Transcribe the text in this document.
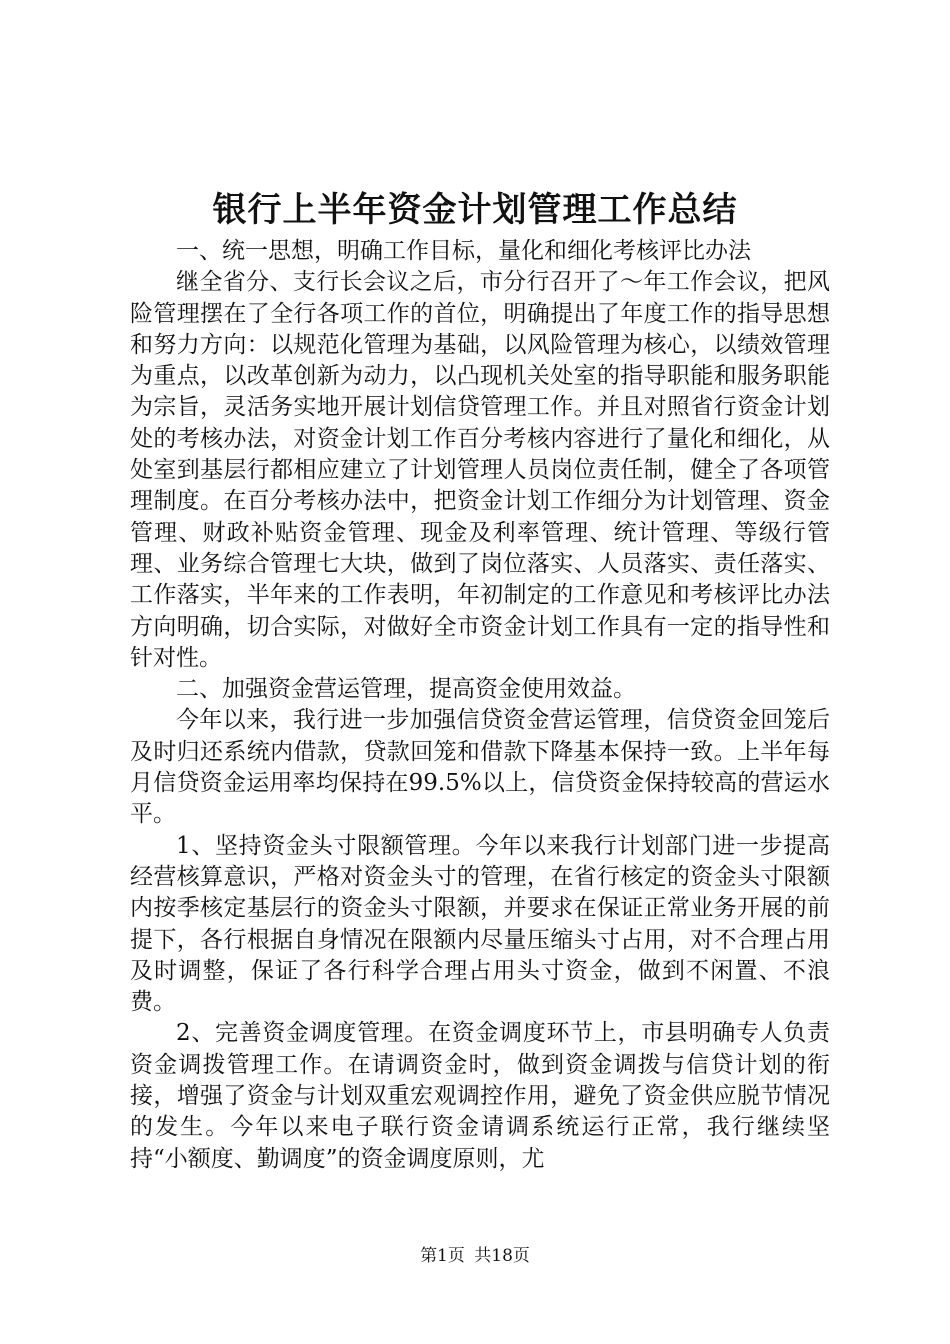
银行上半年资金计划管理工作总结

一、统一思想，明确工作目标，量化和细化考核评比办法

继全省分、支行长会议之后，市分行召开了～年工作会议，把风险管理摆在了全行各项工作的首位，明确提出了年度工作的指导思想和努力方向：以规范化管理为基础，以风险管理为核心，以绩效管理为重点，以改革创新为动力，以凸现机关处室的指导职能和服务职能为宗旨，灵活务实地开展计划信贷管理工作。并且对照省行资金计划处的考核办法，对资金计划工作百分考核内容进行了量化和细化，从处室到基层行都相应建立了计划管理人员岗位责任制，健全了各项管理制度。在百分考核办法中，把资金计划工作细分为计划管理、资金管理、财政补贴资金管理、现金及利率管理、统计管理、等级行管理、业务综合管理七大块，做到了岗位落实、人员落实、责任落实、工作落实，半年来的工作表明，年初制定的工作意见和考核评比办法方向明确，切合实际，对做好全市资金计划工作具有一定的指导性和针对性。

二、加强资金营运管理，提高资金使用效益。

今年以来，我行进一步加强信贷资金营运管理，信贷资金回笼后及时归还系统内借款，贷款回笼和借款下降基本保持一致。上半年每月信贷资金运用率均保持在99.5%以上，信贷资金保持较高的营运水平。

1、坚持资金头寸限额管理。今年以来我行计划部门进一步提高经营核算意识，严格对资金头寸的管理，在省行核定的资金头寸限额内按季核定基层行的资金头寸限额，并要求在保证正常业务开展的前提下，各行根据自身情况在限额内尽量压缩头寸占用，对不合理占用及时调整，保证了各行科学合理占用头寸资金，做到不闲置、不浪费。

2、完善资金调度管理。在资金调度环节上，市县明确专人负责资金调拨管理工作。在请调资金时，做到资金调拨与信贷计划的衔接，增强了资金与计划双重宏观调控作用，避免了资金供应脱节情况的发生。今年以来电子联行资金请调系统运行正常，我行继续坚持“小额度、勤调度”的资金调度原则，尤

第1页 共18页
